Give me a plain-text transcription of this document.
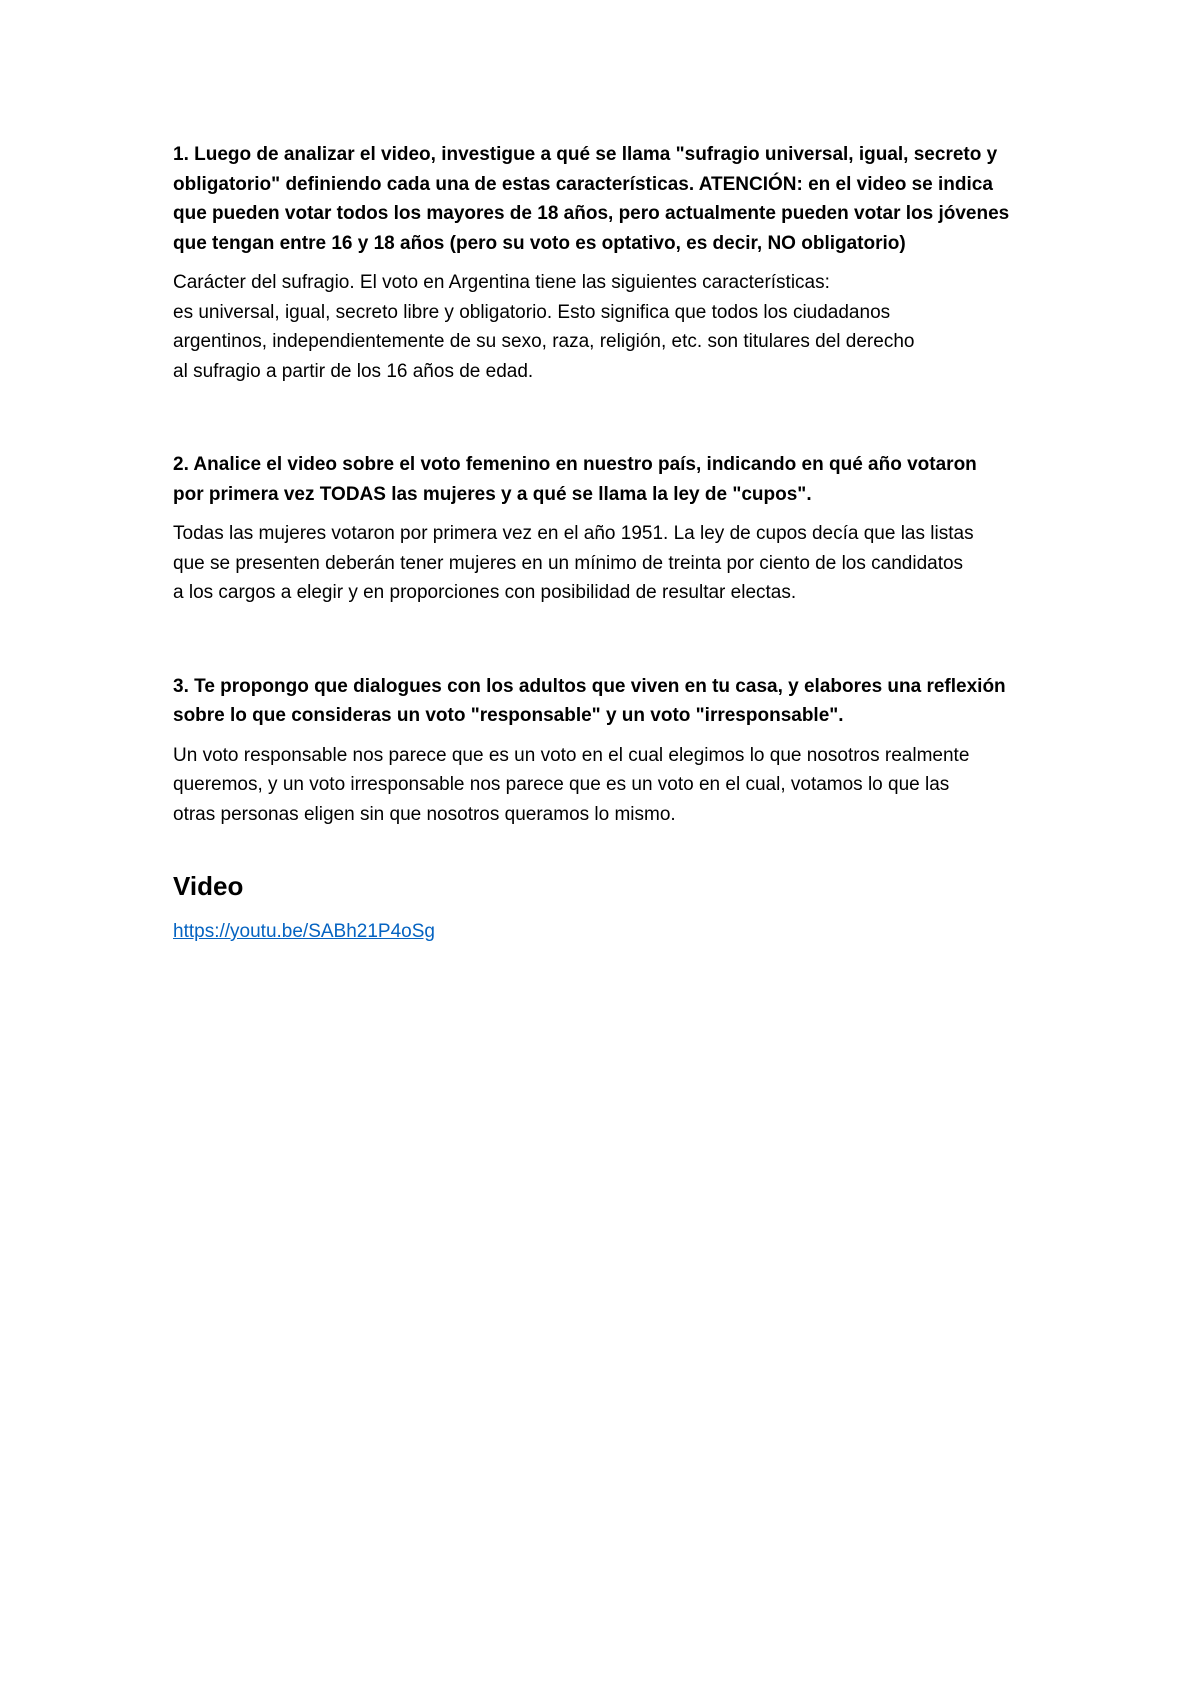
1. Luego de analizar el video, investigue a qué se llama "sufragio universal, igual, secreto y
obligatorio" definiendo cada una de estas características. ATENCIÓN: en el video se indica
que pueden votar todos los mayores de 18 años, pero actualmente pueden votar los jóvenes
que tengan entre 16 y 18 años (pero su voto es optativo, es decir, NO obligatorio)
Carácter del sufragio. El voto en Argentina tiene las siguientes características:
es universal, igual, secreto libre y obligatorio. Esto significa que todos los ciudadanos
argentinos, independientemente de su sexo, raza, religión, etc. son titulares del derecho
al sufragio a partir de los 16 años de edad.
2. Analice el video sobre el voto femenino en nuestro país, indicando en qué año votaron
por primera vez TODAS las mujeres y a qué se llama la ley de "cupos".
Todas las mujeres votaron por primera vez en el año 1951. La ley de cupos decía que las listas
que se presenten deberán tener mujeres en un mínimo de treinta por ciento de los candidatos
a los cargos a elegir y en proporciones con posibilidad de resultar electas.
3. Te propongo que dialogues con los adultos que viven en tu casa, y elabores una reflexión
sobre lo que consideras un voto "responsable" y un voto "irresponsable".
Un voto responsable nos parece que es un voto en el cual elegimos lo que nosotros realmente
queremos, y un voto irresponsable nos parece que es un voto en el cual, votamos lo que las
otras personas eligen sin que nosotros queramos lo mismo.
Video
https://youtu.be/SABh21P4oSg
